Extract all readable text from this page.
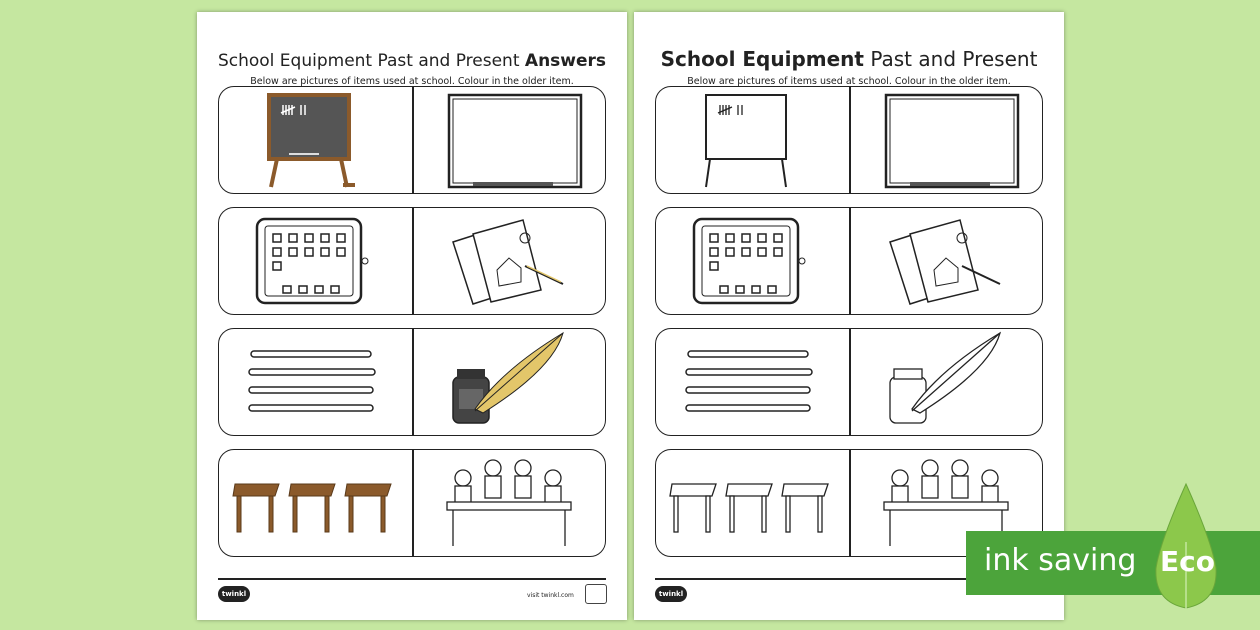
School Equipment Past and Present Answers
Below are pictures of items used at school. Colour in the older item.
twinkl	visit twinkl.com
School Equipment Past and Present
Below are pictures of items used at school. Colour in the older item.
twinkl
ink saving Eco
